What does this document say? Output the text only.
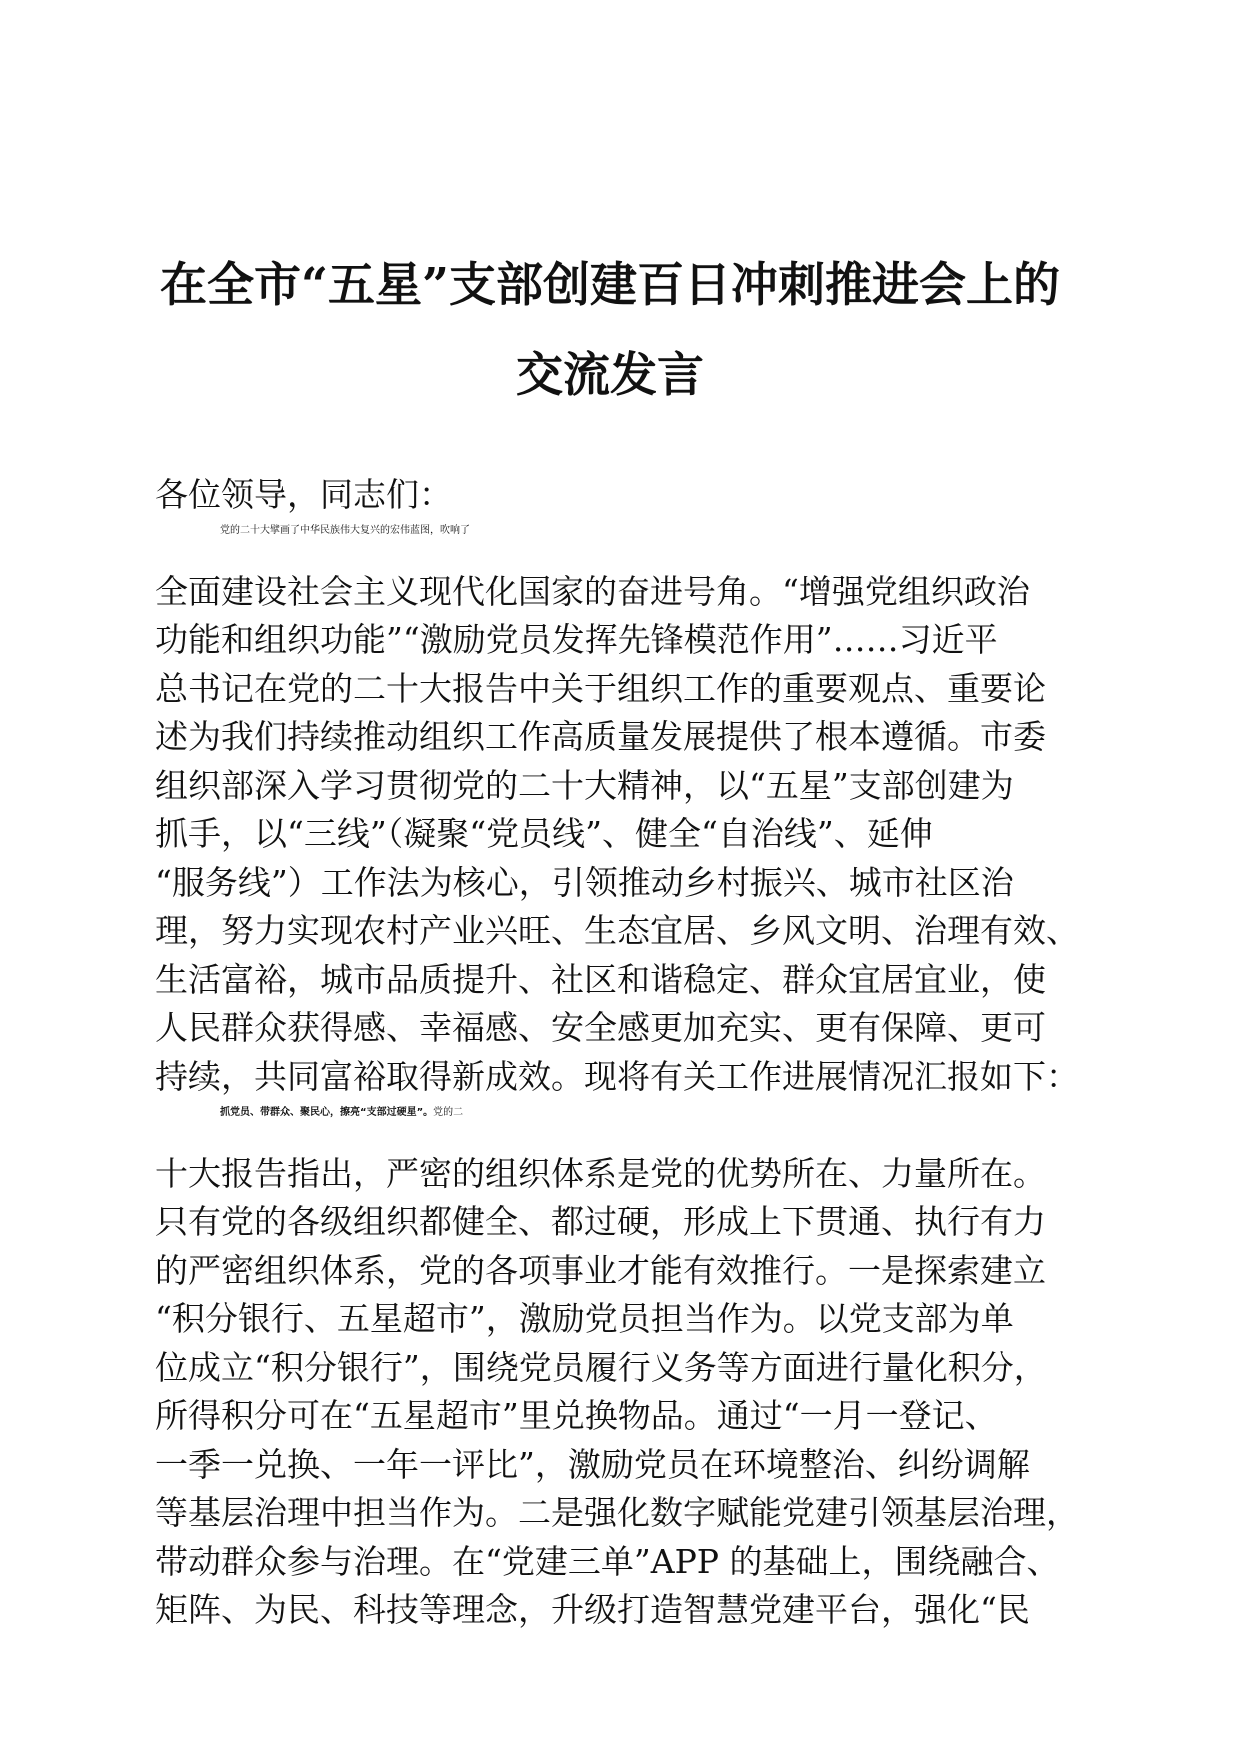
在全市“五星”支部创建百日冲刺推进会上的
交流发言
各位领导，同志们：
党的二十大擘画了中华民族伟大复兴的宏伟蓝图，吹响了
全面建设社会主义现代化国家的奋进号角。“增强党组织政治
功能和组织功能”“激励党员发挥先锋模范作用”……习近平
总书记在党的二十大报告中关于组织工作的重要观点、重要论
述为我们持续推动组织工作高质量发展提供了根本遵循。市委
组织部深入学习贯彻党的二十大精神，以“五星”支部创建为
抓手，以“三线”（凝聚“党员线”、健全“自治线”、延伸
“服务线”）工作法为核心，引领推动乡村振兴、城市社区治
理，努力实现农村产业兴旺、生态宜居、乡风文明、治理有效、
生活富裕，城市品质提升、社区和谐稳定、群众宜居宜业，使
人民群众获得感、幸福感、安全感更加充实、更有保障、更可
持续，共同富裕取得新成效。现将有关工作进展情况汇报如下：
抓党员、带群众、聚民心，擦亮“支部过硬星”。党的二
十大报告指出，严密的组织体系是党的优势所在、力量所在。
只有党的各级组织都健全、都过硬，形成上下贯通、执行有力
的严密组织体系，党的各项事业才能有效推行。一是探索建立
“积分银行、五星超市”，激励党员担当作为。以党支部为单
位成立“积分银行”，围绕党员履行义务等方面进行量化积分，
所得积分可在“五星超市”里兑换物品。通过“一月一登记、
一季一兑换、一年一评比”，激励党员在环境整治、纠纷调解
等基层治理中担当作为。二是强化数字赋能党建引领基层治理，
带动群众参与治理。在“党建三单”APP 的基础上，围绕融合、
矩阵、为民、科技等理念，升级打造智慧党建平台，强化“民
